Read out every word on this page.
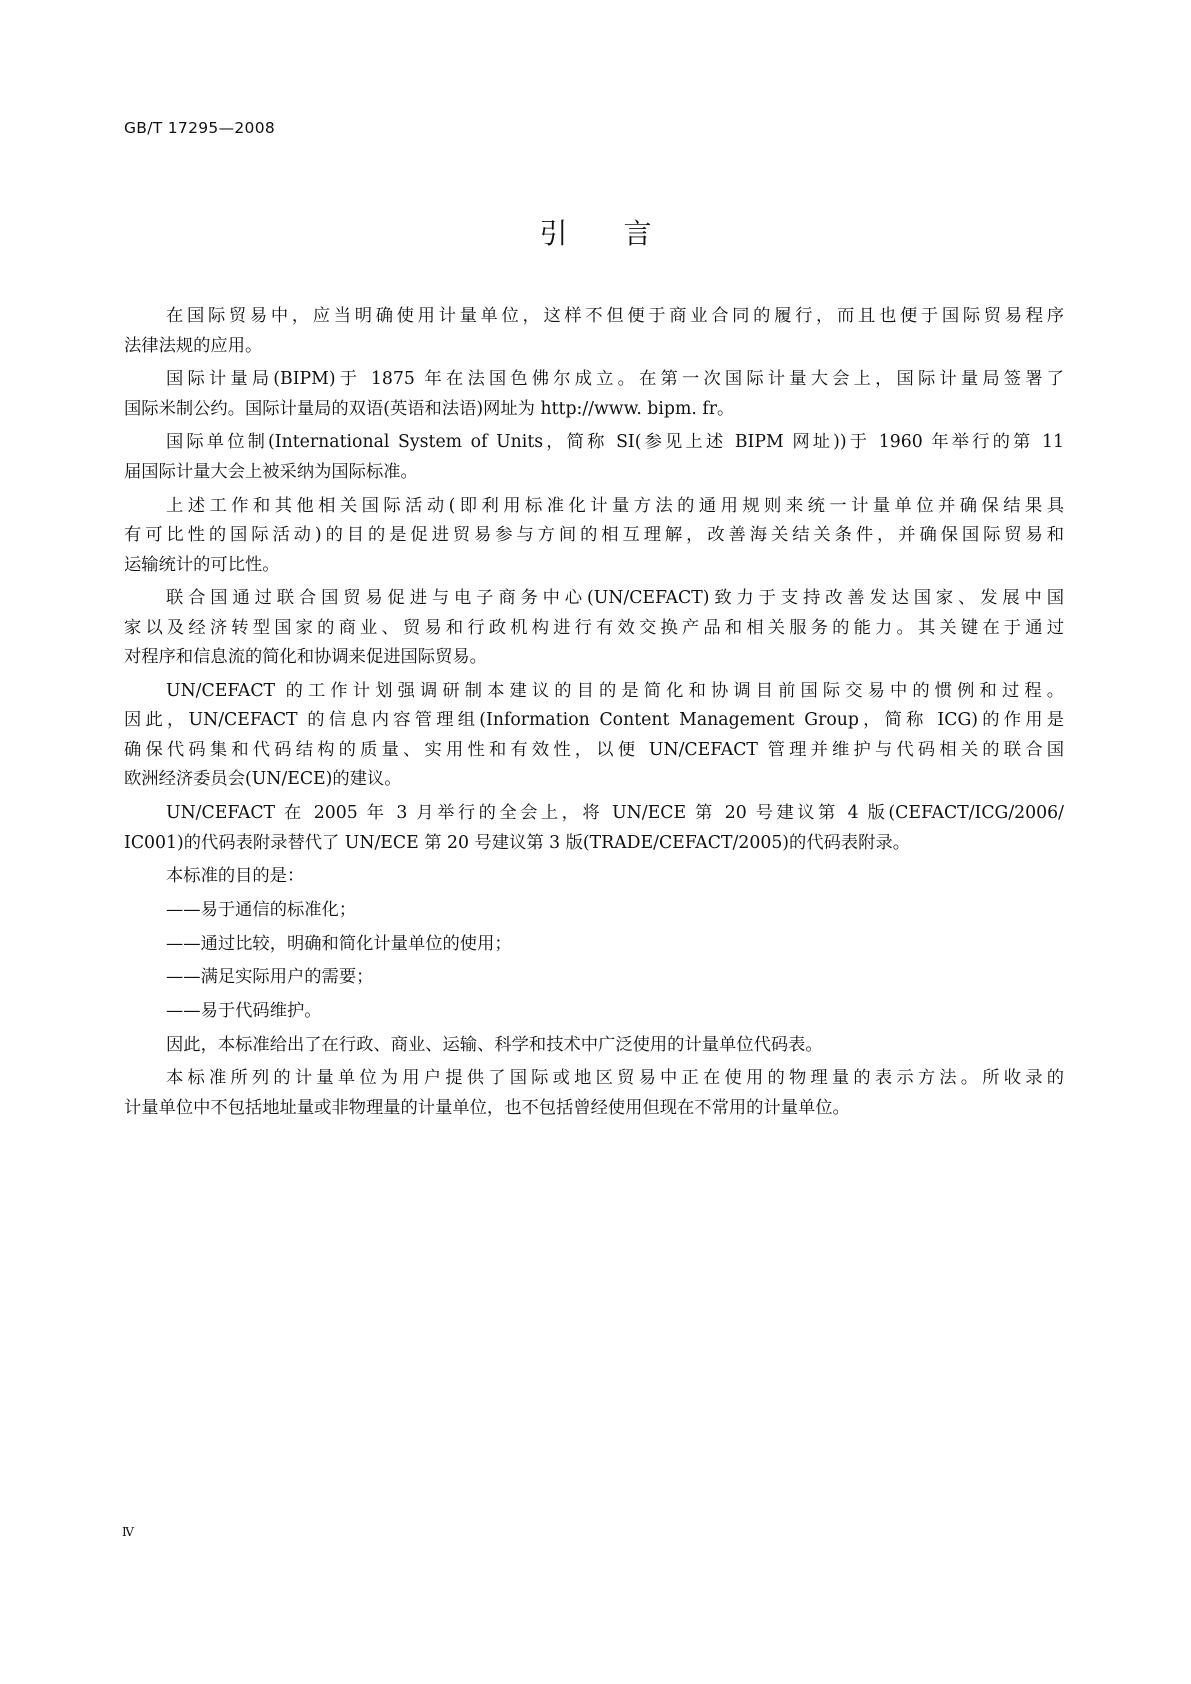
GB/T 17295—2008
引言
在国际贸易中，应当明确使用计量单位，这样不但便于商业合同的履行，而且也便于国际贸易程序
法律法规的应用。
国际计量局(BIPM)于 1875 年在法国色佛尔成立。在第一次国际计量大会上，国际计量局签署了
国际米制公约。国际计量局的双语(英语和法语)网址为 http://www. bipm. fr。
国际单位制(International System of Units，简称 SI(参见上述 BIPM 网址))于 1960 年举行的第 11
届国际计量大会上被采纳为国际标准。
上述工作和其他相关国际活动(即利用标准化计量方法的通用规则来统一计量单位并确保结果具
有可比性的国际活动)的目的是促进贸易参与方间的相互理解，改善海关结关条件，并确保国际贸易和
运输统计的可比性。
联合国通过联合国贸易促进与电子商务中心(UN/CEFACT)致力于支持改善发达国家、发展中国
家以及经济转型国家的商业、贸易和行政机构进行有效交换产品和相关服务的能力。其关键在于通过
对程序和信息流的简化和协调来促进国际贸易。
UN/CEFACT 的工作计划强调研制本建议的目的是简化和协调目前国际交易中的惯例和过程。
因此，UN/CEFACT 的信息内容管理组(Information Content Management Group，简称 ICG)的作用是
确保代码集和代码结构的质量、实用性和有效性，以便 UN/CEFACT 管理并维护与代码相关的联合国
欧洲经济委员会(UN/ECE)的建议。
UN/CEFACT 在 2005 年 3 月举行的全会上，将 UN/ECE 第 20 号建议第 4 版(CEFACT/ICG/2006/
IC001)的代码表附录替代了 UN/ECE 第 20 号建议第 3 版(TRADE/CEFACT/2005)的代码表附录。
本标准的目的是：
——易于通信的标准化；
——通过比较，明确和简化计量单位的使用；
——满足实际用户的需要；
——易于代码维护。
因此，本标准给出了在行政、商业、运输、科学和技术中广泛使用的计量单位代码表。
本标准所列的计量单位为用户提供了国际或地区贸易中正在使用的物理量的表示方法。所收录的
计量单位中不包括地址量或非物理量的计量单位，也不包括曾经使用但现在不常用的计量单位。
Ⅳ
